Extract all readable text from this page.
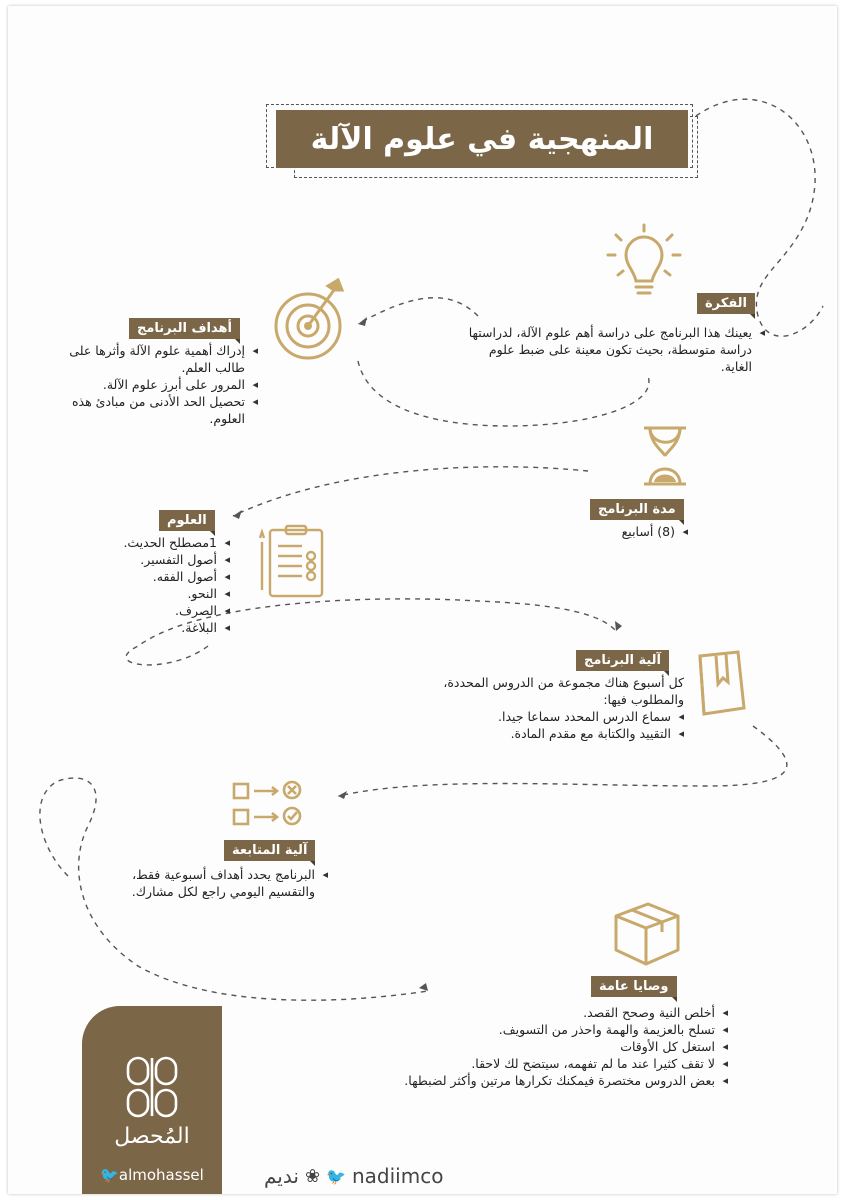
المنهجية في علوم الآلة
الفكرة
◂ يعينك هذا البرنامج على دراسة أهم علوم الآلة، لدراستها دراسة متوسطة، بحيث تكون معينة على ضبط علوم الغاية.
أهداف البرنامج
◂ إدراك أهمية علوم الآلة وأثرها على طالب العلم.
◂ المرور على أبرز علوم الآلة.
◂ تحصيل الحد الأدنى من مبادئ هذه العلوم.
مدة البرنامج
◂ (8) أسابيع
العلوم
◂ 1مصطلح الحديث.
◂ أصول التفسير.
◂ أصول الفقه.
◂ النحو.
◂ الصرف.
◂ البلاغة.
آلية البرنامج
كل أسبوع هناك مجموعة من الدروس المحددة، والمطلوب فيها:
◂ سماع الدرس المحدد سماعا جيدا.
◂ التقييد والكتابة مع مقدم المادة.
آلية المتابعة
◂ البرنامج يحدد أهداف أسبوعية فقط، والتقسيم اليومي راجع لكل مشارك.
وصايا عامة
◂ أخلص النية وصحح القصد.
◂ تسلح بالعزيمة والهمة واحذر من التسويف.
◂ استغل كل الأوقات
◂ لا تقف كثيرا عند ما لم تفهمه، سيتضح لك لاحقا.
◂ بعض الدروس مختصرة فيمكنك تكرارها مرتين وأكثر لضبطها.
المُحصل
🐦almohassel	نديم ❀ 🐦 nadiimco
